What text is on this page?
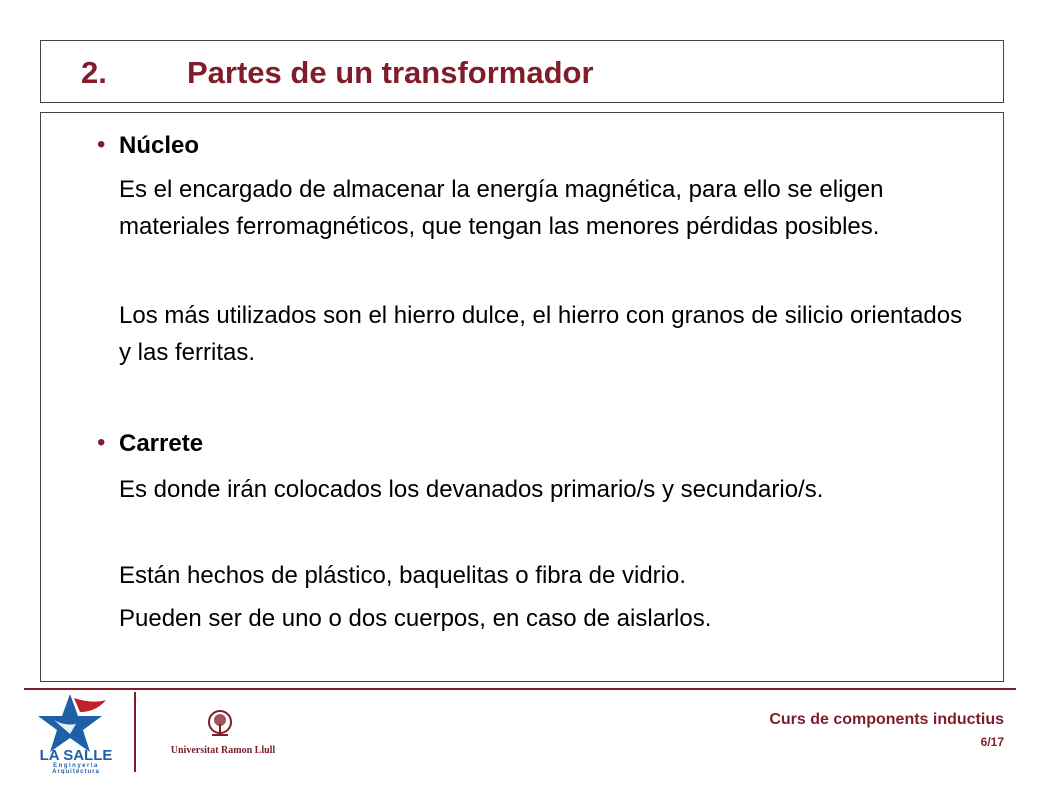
2.	Partes de un transformador
• Núcleo

Es el encargado de almacenar la energía magnética, para ello se eligen materiales ferromagnéticos, que tengan las menores pérdidas posibles.

Los más utilizados son el hierro dulce, el hierro con granos de silicio orientados y las ferritas.

• Carrete

Es donde irán colocados los devanados primario/s y secundario/s.

Están hechos de plástico, baquelitas o fibra de vidrio.

Pueden ser de uno o dos cuerpos, en caso de aislarlos.

LA SALLE
Enginyeria
Arquitectura
Universitat Ramon Llull
Curs de components inductius
6/17
